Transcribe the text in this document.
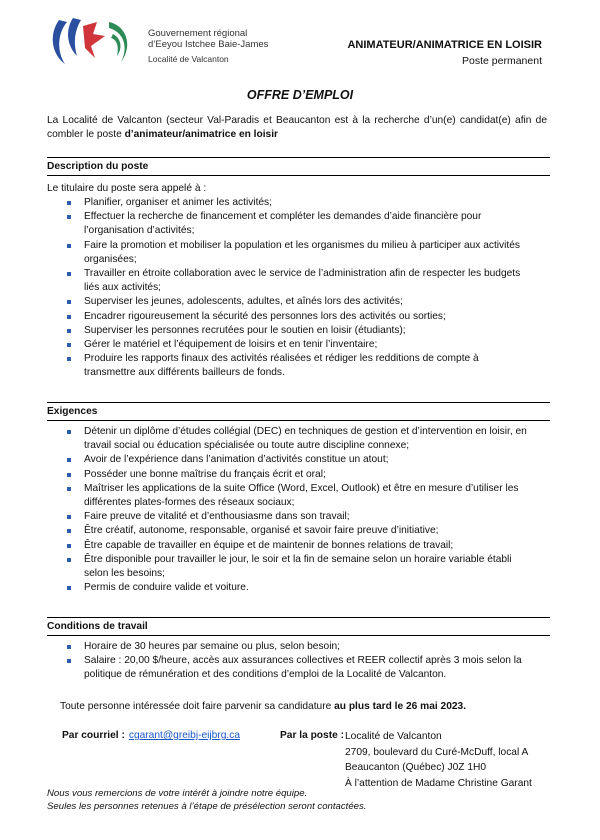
Gouvernement régional
d’Eeyou Istchee Baie-James
Localité de Valcanton
ANIMATEUR/ANIMATRICE EN LOISIR
Poste permanent
OFFRE D’EMPLOI
La Localité de Valcanton (secteur Val-Paradis et Beaucanton est à la recherche d’un(e) candidat(e) afin de combler le poste d’animateur/animatrice en loisir
Description du poste
Le titulaire du poste sera appelé à :
Planifier, organiser et animer les activités;
Effectuer la recherche de financement et compléter les demandes d’aide financière pour l’organisation d’activités;
Faire la promotion et mobiliser la population et les organismes du milieu à participer aux activités organisées;
Travailler en étroite collaboration avec le service de l’administration afin de respecter les budgets liés aux activités;
Superviser les jeunes, adolescents, adultes, et aînés lors des activités;
Encadrer rigoureusement la sécurité des personnes lors des activités ou sorties;
Superviser les personnes recrutées pour le soutien en loisir (étudiants);
Gérer le matériel et l’équipement de loisirs et en tenir l’inventaire;
Produire les rapports finaux des activités réalisées et rédiger les redditions de compte à transmettre aux différents bailleurs de fonds.
Exigences
Détenir un diplôme d’études collégial (DEC) en techniques de gestion et d’intervention en loisir, en travail social ou éducation spécialisée ou toute autre discipline connexe;
Avoir de l’expérience dans l’animation d’activités constitue un atout;
Posséder une bonne maîtrise du français écrit et oral;
Maîtriser les applications de la suite Office (Word, Excel, Outlook) et être en mesure d’utiliser les différentes plates-formes des réseaux sociaux;
Faire preuve de vitalité et d’enthousiasme dans son travail;
Être créatif, autonome, responsable, organisé et savoir faire preuve d’initiative;
Être capable de travailler en équipe et de maintenir de bonnes relations de travail;
Être disponible pour travailler le jour, le soir et la fin de semaine selon un horaire variable établi selon les besoins;
Permis de conduire valide et voiture.
Conditions de travail
Horaire de 30 heures par semaine ou plus, selon besoin;
Salaire : 20,00 $/heure, accès aux assurances collectives et REER collectif après 3 mois selon la politique de rémunération et des conditions d’emploi de la Localité de Valcanton.
Toute personne intéressée doit faire parvenir sa candidature au plus tard le 26 mai 2023.
Par courriel : cgarant@greibj-eijbrg.ca	Par la poste : Localité de Valcanton
2709, boulevard du Curé-McDuff, local A
Beaucanton (Québec) J0Z 1H0
À l’attention de Madame Christine Garant
Nous vous remercions de votre intérêt à joindre notre équipe.
Seules les personnes retenues à l’étape de présélection seront contactées.
